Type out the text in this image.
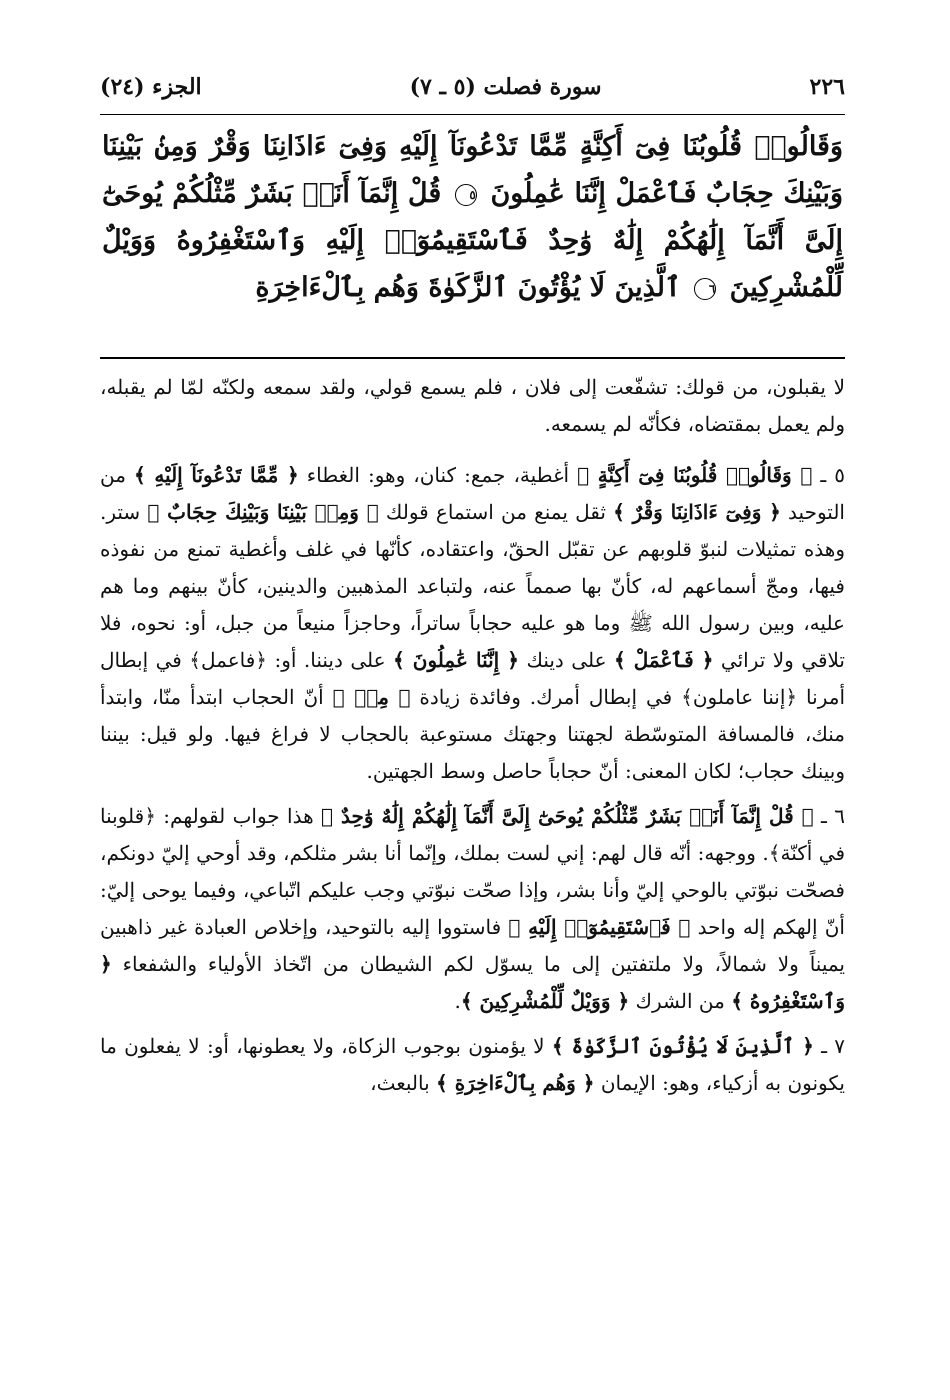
٢٢٦
سورة فصلت (٥ ـ ٧)
الجزء (٢٤)

وَقَالُوا۟ قُلُوبُنَا فِىٓ أَكِنَّةٍ مِّمَّا تَدْعُونَآ إِلَيْهِ وَفِىٓ ءَاذَانِنَا وَقْرٌ وَمِنۢ بَيْنِنَا وَبَيْنِكَ حِجَابٌ فَٱعْمَلْ إِنَّنَا عَٰمِلُونَ ٥ قُلْ إِنَّمَآ أَنَا۠ بَشَرٌ مِّثْلُكُمْ يُوحَىٰٓ إِلَىَّ أَنَّمَآ إِلَٰهُكُمْ إِلَٰهٌ وَٰحِدٌ فَٱسْتَقِيمُوٓا۟ إِلَيْهِ وَٱسْتَغْفِرُوهُ وَوَيْلٌ لِّلْمُشْرِكِينَ ٦ ٱلَّذِينَ لَا يُؤْتُونَ ٱلزَّكَوٰةَ وَهُم بِٱلْءَاخِرَةِ

لا يقبلون، من قولك: تشفّعت إلى فلان ، فلم يسمع قولي، ولقد سمعه ولكنّه لمّا لم يقبله، ولم يعمل بمقتضاه، فكأنّه لم يسمعه.

٥ ـ ﴿ وَقَالُوا۟ قُلُوبُنَا فِىٓ أَكِنَّةٍ ﴾ أغطية، جمع: كنان، وهو: الغطاء ﴿ مِّمَّا تَدْعُونَآ إِلَيْهِ ﴾ من التوحيد ﴿ وَفِىٓ ءَاذَانِنَا وَقْرٌ ﴾ ثقل يمنع من استماع قولك ﴿ وَمِنۢ بَيْنِنَا وَبَيْنِكَ حِجَابٌ ﴾ ستر. وهذه تمثيلات لنبوّ قلوبهم عن تقبّل الحقّ، واعتقاده، كأنّها في غلف وأغطية تمنع من نفوذه فيها، ومجّ أسماعهم له، كأنّ بها صمماً عنه، ولتباعد المذهبين والدينين، كأنّ بينهم وما هم عليه، وبين رسول الله ﷺ وما هو عليه حجاباً ساتراً، وحاجزاً منيعاً من جبل، أو: نحوه، فلا تلاقي ولا ترائي ﴿ فَٱعْمَلْ ﴾ على دينك ﴿ إِنَّنَا عَٰمِلُونَ ﴾ على ديننا. أو: ﴿فاعمل﴾ في إبطال أمرنا ﴿إننا عاملون﴾ في إبطال أمرك. وفائدة زيادة ﴿ مِنۢ ﴾ أنّ الحجاب ابتدأ منّا، وابتدأ منك، فالمسافة المتوسّطة لجهتنا وجهتك مستوعبة بالحجاب لا فراغ فيها. ولو قيل: بيننا وبينك حجاب؛ لكان المعنى: أنّ حجاباً حاصل وسط الجهتين.

٦ ـ ﴿ قُلْ إِنَّمَآ أَنَا۠ بَشَرٌ مِّثْلُكُمْ يُوحَىٰٓ إِلَىَّ أَنَّمَآ إِلَٰهُكُمْ إِلَٰهٌ وَٰحِدٌ ﴾ هذا جواب لقولهم: ﴿قلوبنا في أكنّة﴾. ووجهه: أنّه قال لهم: إني لست بملك، وإنّما أنا بشر مثلكم، وقد أوحي إليّ دونكم، فصحّت نبوّتي بالوحي إليّ وأنا بشر، وإذا صحّت نبوّتي وجب عليكم اتّباعي، وفيما يوحى إليّ: أنّ إلهكم إله واحد ﴿ فَٱسْتَقِيمُوٓا۟ إِلَيْهِ ﴾ فاستووا إليه بالتوحيد، وإخلاص العبادة غير ذاهبين يميناً ولا شمالاً، ولا ملتفتين إلى ما يسوّل لكم الشيطان من اتّخاذ الأولياء والشفعاء ﴿ وَٱسْتَغْفِرُوهُ ﴾ من الشرك ﴿ وَوَيْلٌ لِّلْمُشْرِكِينَ ﴾.

٧ ـ ﴿ ٱلَّذِينَ لَا يُؤْتُونَ ٱلزَّكَوٰةَ ﴾ لا يؤمنون بوجوب الزكاة، ولا يعطونها، أو: لا يفعلون ما يكونون به أزكياء، وهو: الإيمان ﴿ وَهُم بِٱلْءَاخِرَةِ ﴾ بالبعث،
